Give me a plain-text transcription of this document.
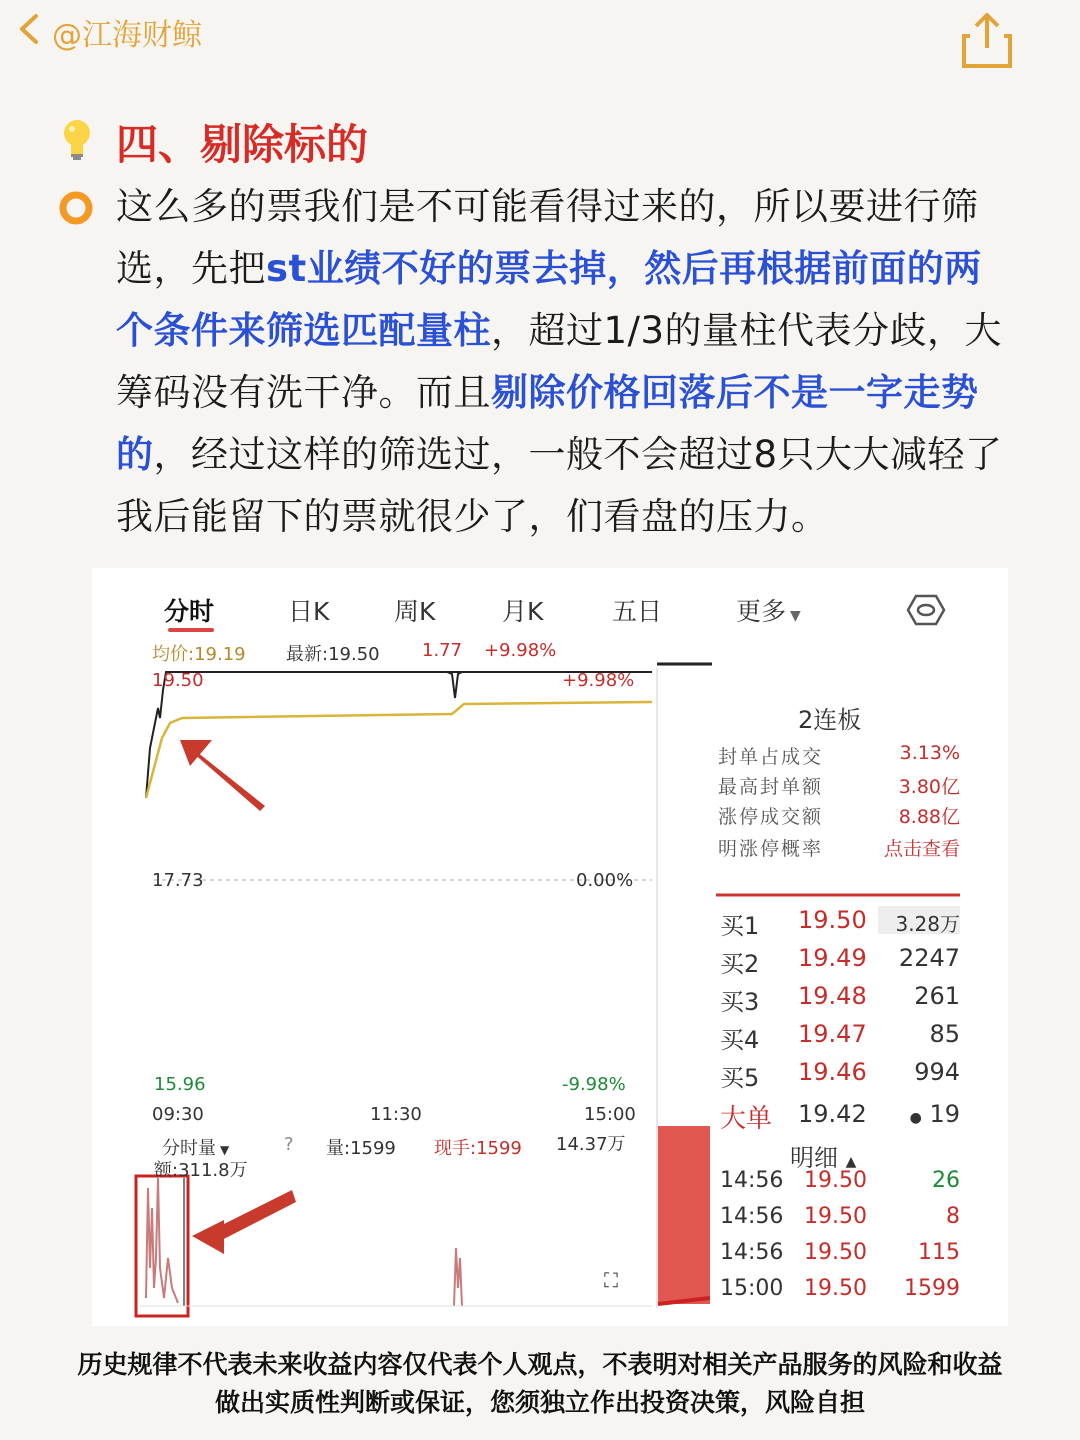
@江海财鲸
四、剔除标的
这么多的票我们是不可能看得过来的，所以要进行筛选，先把st业绩不好的票去掉，然后再根据前面的两个条件来筛选匹配量柱，超过1/3的量柱代表分歧，大筹码没有洗干净。而且剔除价格回落后不是一字走势的，经过这样的筛选过，一般不会超过8只大大减轻了我后能留下的票就很少了，们看盘的压力。
分时	日K	周K	月K	五日	更多 ▼
均价:19.19 最新:19.50 1.77 +9.98%
19.50	+9.98%
17.73	0.00%
15.96	-9.98%
09:30	11:30	15:00
分时量 ▼	? 量:1599 现手:1599 14.37万
额:311.8万
⛶
2连板
封单占成交	3.13%
最高封单额	3.80亿
涨停成交额	8.88亿
明涨停概率	点击查看
买1 19.50	3.28万
买2 19.49	2247
买3 19.48	261
买4 19.47	85
买5 19.46	994
大单 19.42	● 19
明细 ▲
14:56 19.50	26
14:56 19.50	8
14:56 19.50	115
15:00 19.50	1599
历史规律不代表未来收益内容仅代表个人观点，不表明对相关产品服务的风险和收益
做出实质性判断或保证，您须独立作出投资决策，风险自担
